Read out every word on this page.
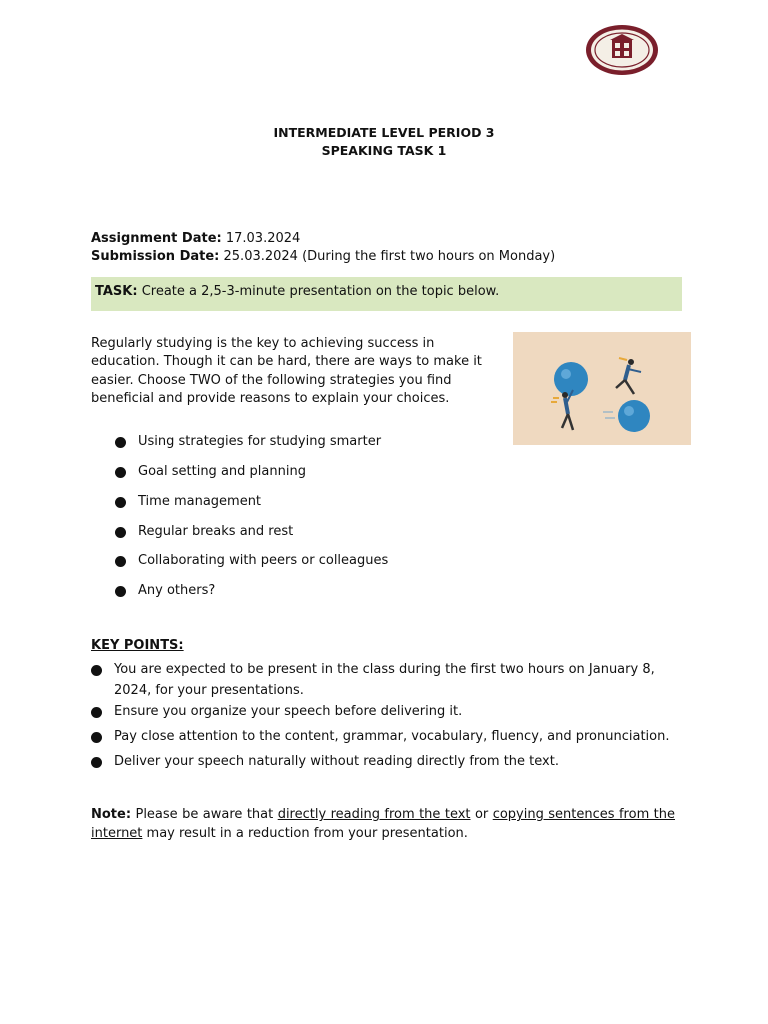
INTERMEDIATE LEVEL PERIOD 3
SPEAKING TASK 1
Assignment Date: 17.03.2024
Submission Date: 25.03.2024 (During the first two hours on Monday)
TASK: Create a 2,5-3-minute presentation on the topic below.
Regularly studying is the key to achieving success in education. Though it can be hard, there are ways to make it easier. Choose TWO of the following strategies you find beneficial and provide reasons to explain your choices.
Using strategies for studying smarter
Goal setting and planning
Time management
Regular breaks and rest
Collaborating with peers or colleagues
Any others?
KEY POINTS:
You are expected to be present in the class during the first two hours on January 8, 2024, for your presentations.
Ensure you organize your speech before delivering it.
Pay close attention to the content, grammar, vocabulary, fluency, and pronunciation.
Deliver your speech naturally without reading directly from the text.
Note: Please be aware that directly reading from the text or copying sentences from the internet may result in a reduction from your presentation.
